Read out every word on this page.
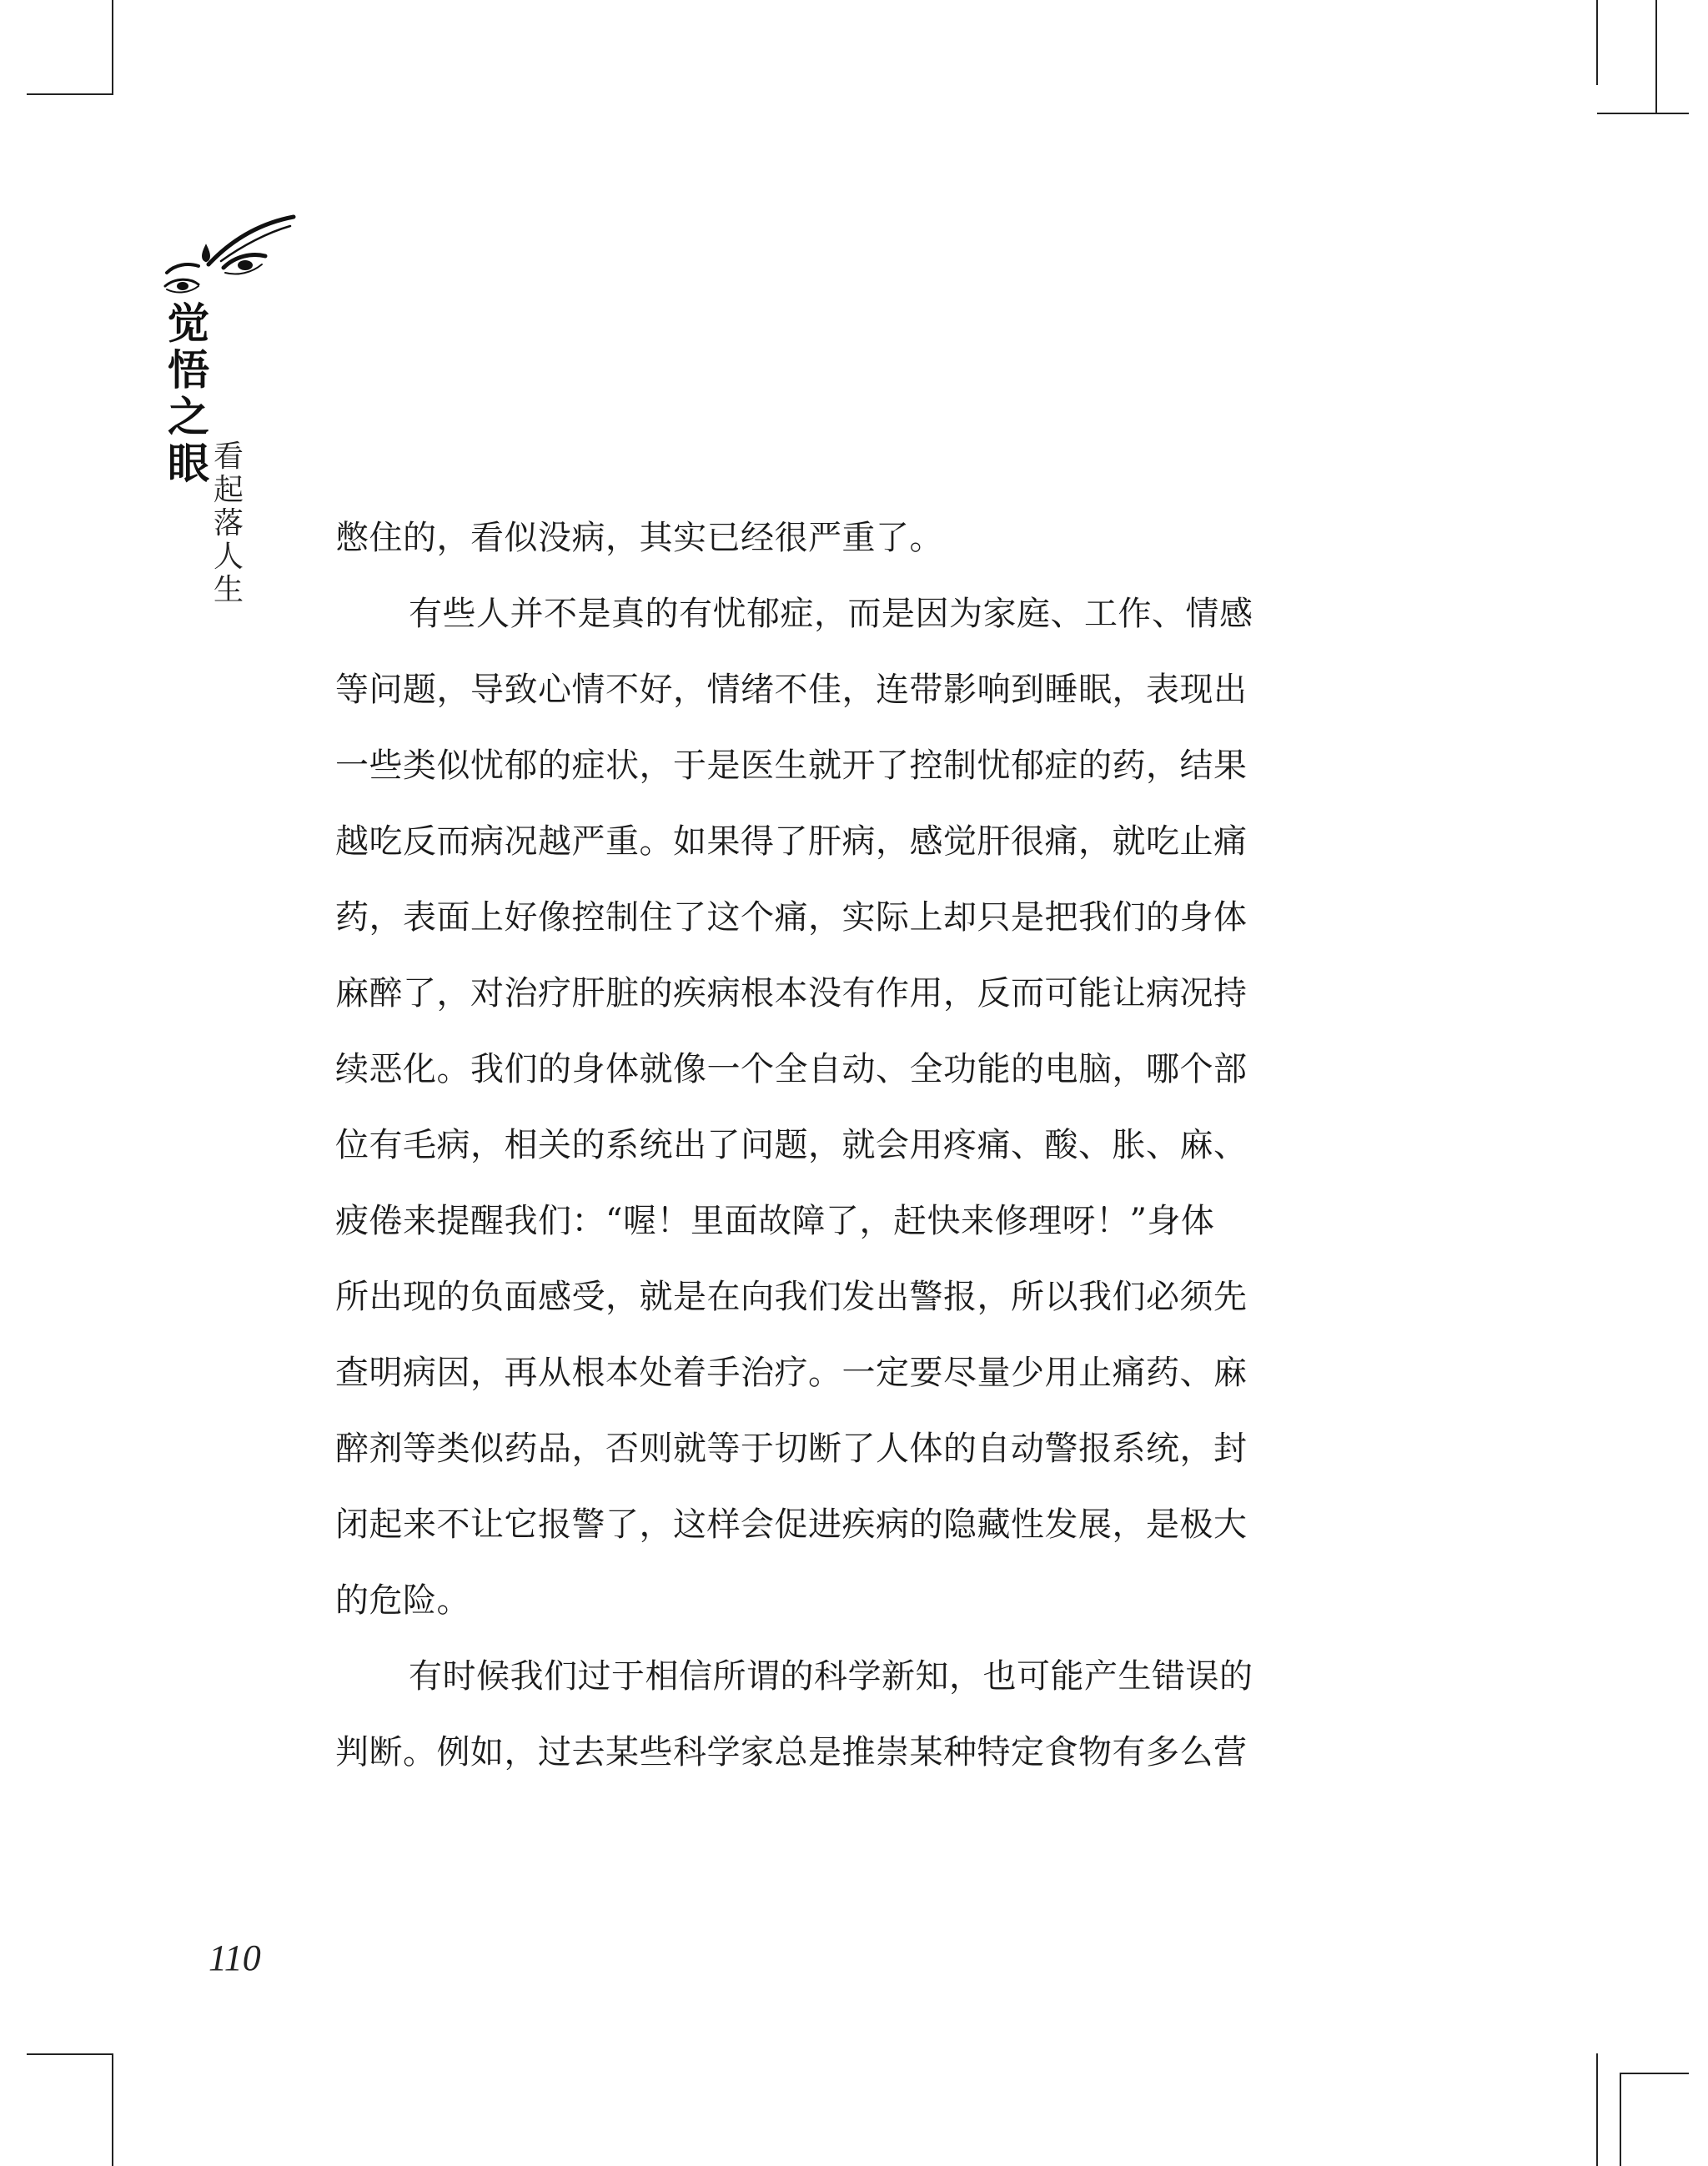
觉
悟
之
眼 看
起
落
人
生
憋住的，看似没病，其实已经很严重了。
有些人并不是真的有忧郁症，而是因为家庭、工作、情感
等问题，导致心情不好，情绪不佳，连带影响到睡眠，表现出
一些类似忧郁的症状，于是医生就开了控制忧郁症的药，结果
越吃反而病况越严重。如果得了肝病，感觉肝很痛，就吃止痛
药，表面上好像控制住了这个痛，实际上却只是把我们的身体
麻醉了，对治疗肝脏的疾病根本没有作用，反而可能让病况持
续恶化。我们的身体就像一个全自动、全功能的电脑，哪个部
位有毛病，相关的系统出了问题，就会用疼痛、酸、胀、麻、
疲倦来提醒我们：“喔！里面故障了，赶快来修理呀！”身体
所出现的负面感受，就是在向我们发出警报，所以我们必须先
查明病因，再从根本处着手治疗。一定要尽量少用止痛药、麻
醉剂等类似药品，否则就等于切断了人体的自动警报系统，封
闭起来不让它报警了，这样会促进疾病的隐藏性发展，是极大
的危险。
有时候我们过于相信所谓的科学新知，也可能产生错误的
判断。例如，过去某些科学家总是推崇某种特定食物有多么营
110
